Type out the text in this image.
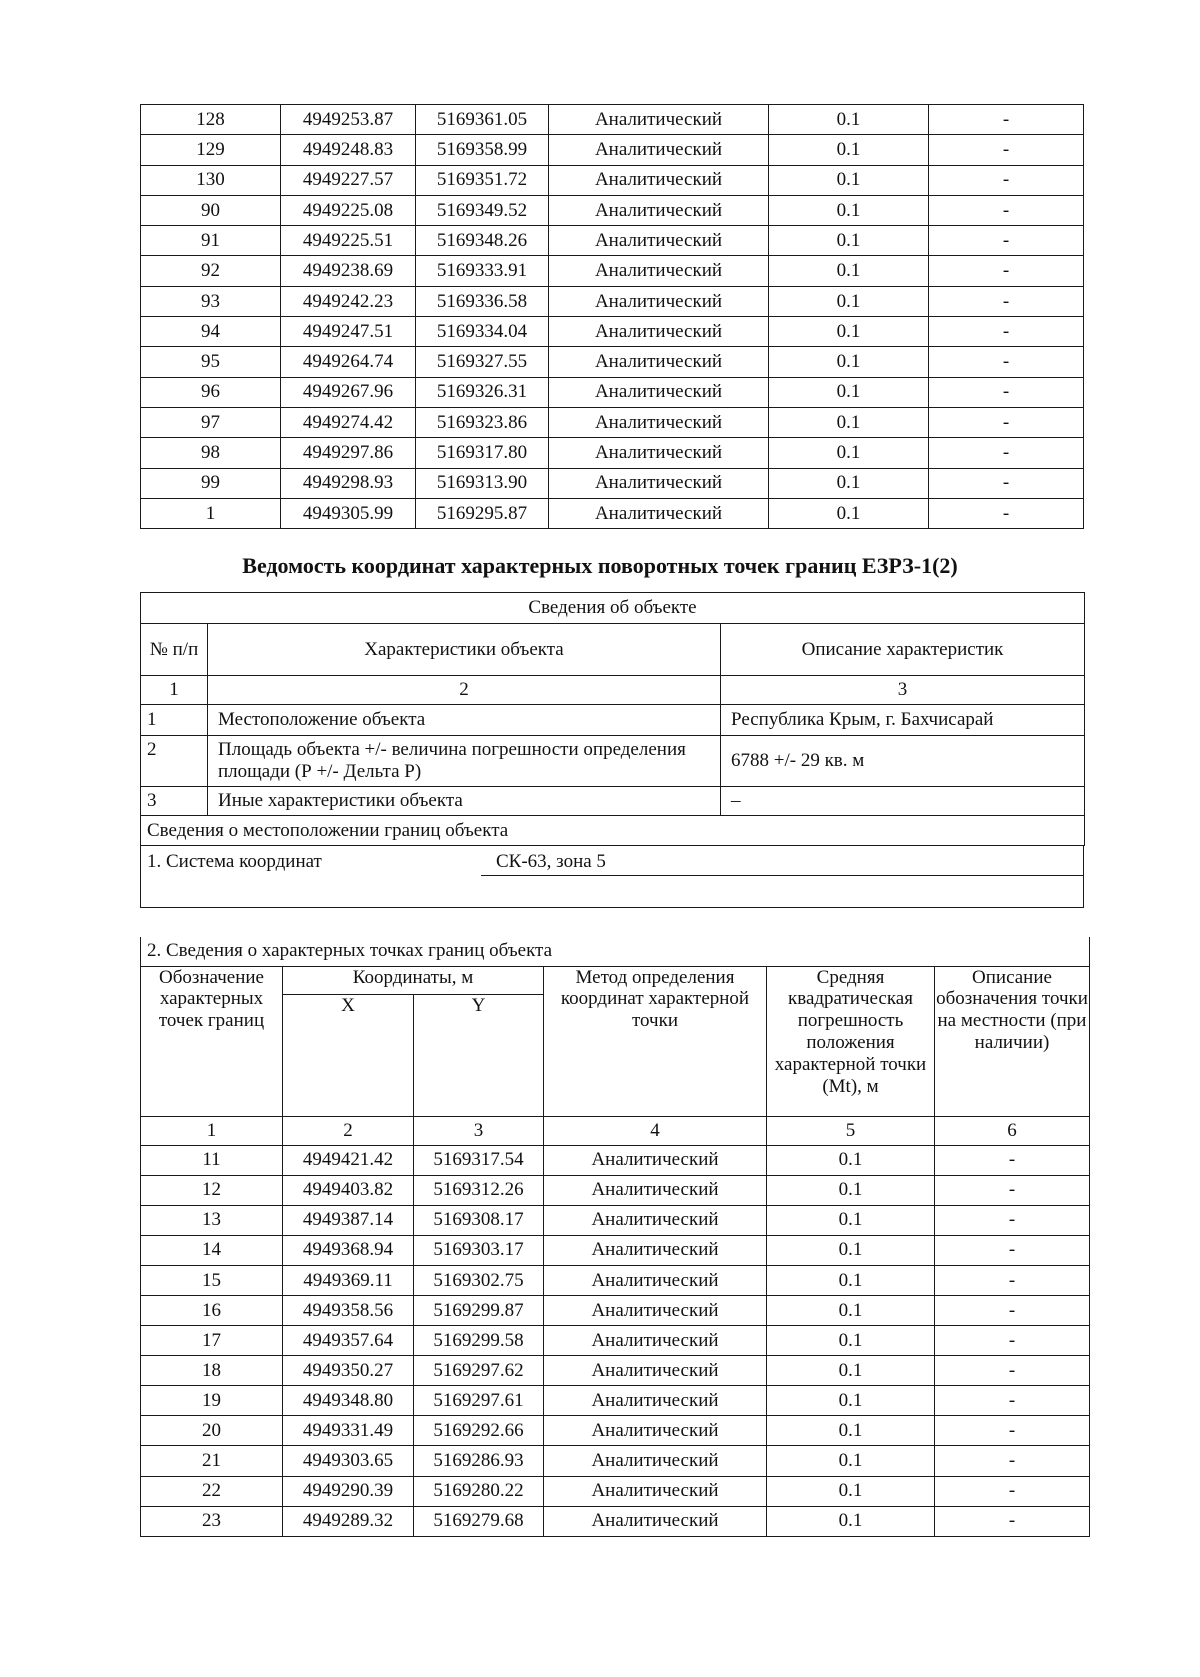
128	4949253.87	5169361.05	Аналитический	0.1	-
129	4949248.83	5169358.99	Аналитический	0.1	-
130	4949227.57	5169351.72	Аналитический	0.1	-
90	4949225.08	5169349.52	Аналитический	0.1	-
91	4949225.51	5169348.26	Аналитический	0.1	-
92	4949238.69	5169333.91	Аналитический	0.1	-
93	4949242.23	5169336.58	Аналитический	0.1	-
94	4949247.51	5169334.04	Аналитический	0.1	-
95	4949264.74	5169327.55	Аналитический	0.1	-
96	4949267.96	5169326.31	Аналитический	0.1	-
97	4949274.42	5169323.86	Аналитический	0.1	-
98	4949297.86	5169317.80	Аналитический	0.1	-
99	4949298.93	5169313.90	Аналитический	0.1	-
1	4949305.99	5169295.87	Аналитический	0.1	-
Ведомость координат характерных поворотных точек границ ЕЗРЗ-1(2)
Сведения об объекте		
№ п/п	Характеристики объекта	Описание характеристик
1	2	3
1	Местоположение объекта	Республика Крым, г. Бахчисарай
2	Площадь объекта +/- величина погрешности определения площади (Р +/- Дельта Р)	6788 +/- 29 кв. м
3	Иные характеристики объекта	–
Сведения о местоположении границ объекта		
1. Система координат	СК-63, зона 5
2. Сведения о характерных точках границ объекта					
Обозначение характерных точек границ	Координаты, м		Метод определения координат характерной точки	Средняя квадратическая погрешность положения характерной точки (Mt), м	Описание обозначения точки на местности (при наличии)
	X	Y			
1	2	3	4	5	6
11	4949421.42	5169317.54	Аналитический	0.1	-
12	4949403.82	5169312.26	Аналитический	0.1	-
13	4949387.14	5169308.17	Аналитический	0.1	-
14	4949368.94	5169303.17	Аналитический	0.1	-
15	4949369.11	5169302.75	Аналитический	0.1	-
16	4949358.56	5169299.87	Аналитический	0.1	-
17	4949357.64	5169299.58	Аналитический	0.1	-
18	4949350.27	5169297.62	Аналитический	0.1	-
19	4949348.80	5169297.61	Аналитический	0.1	-
20	4949331.49	5169292.66	Аналитический	0.1	-
21	4949303.65	5169286.93	Аналитический	0.1	-
22	4949290.39	5169280.22	Аналитический	0.1	-
23	4949289.32	5169279.68	Аналитический	0.1	-
